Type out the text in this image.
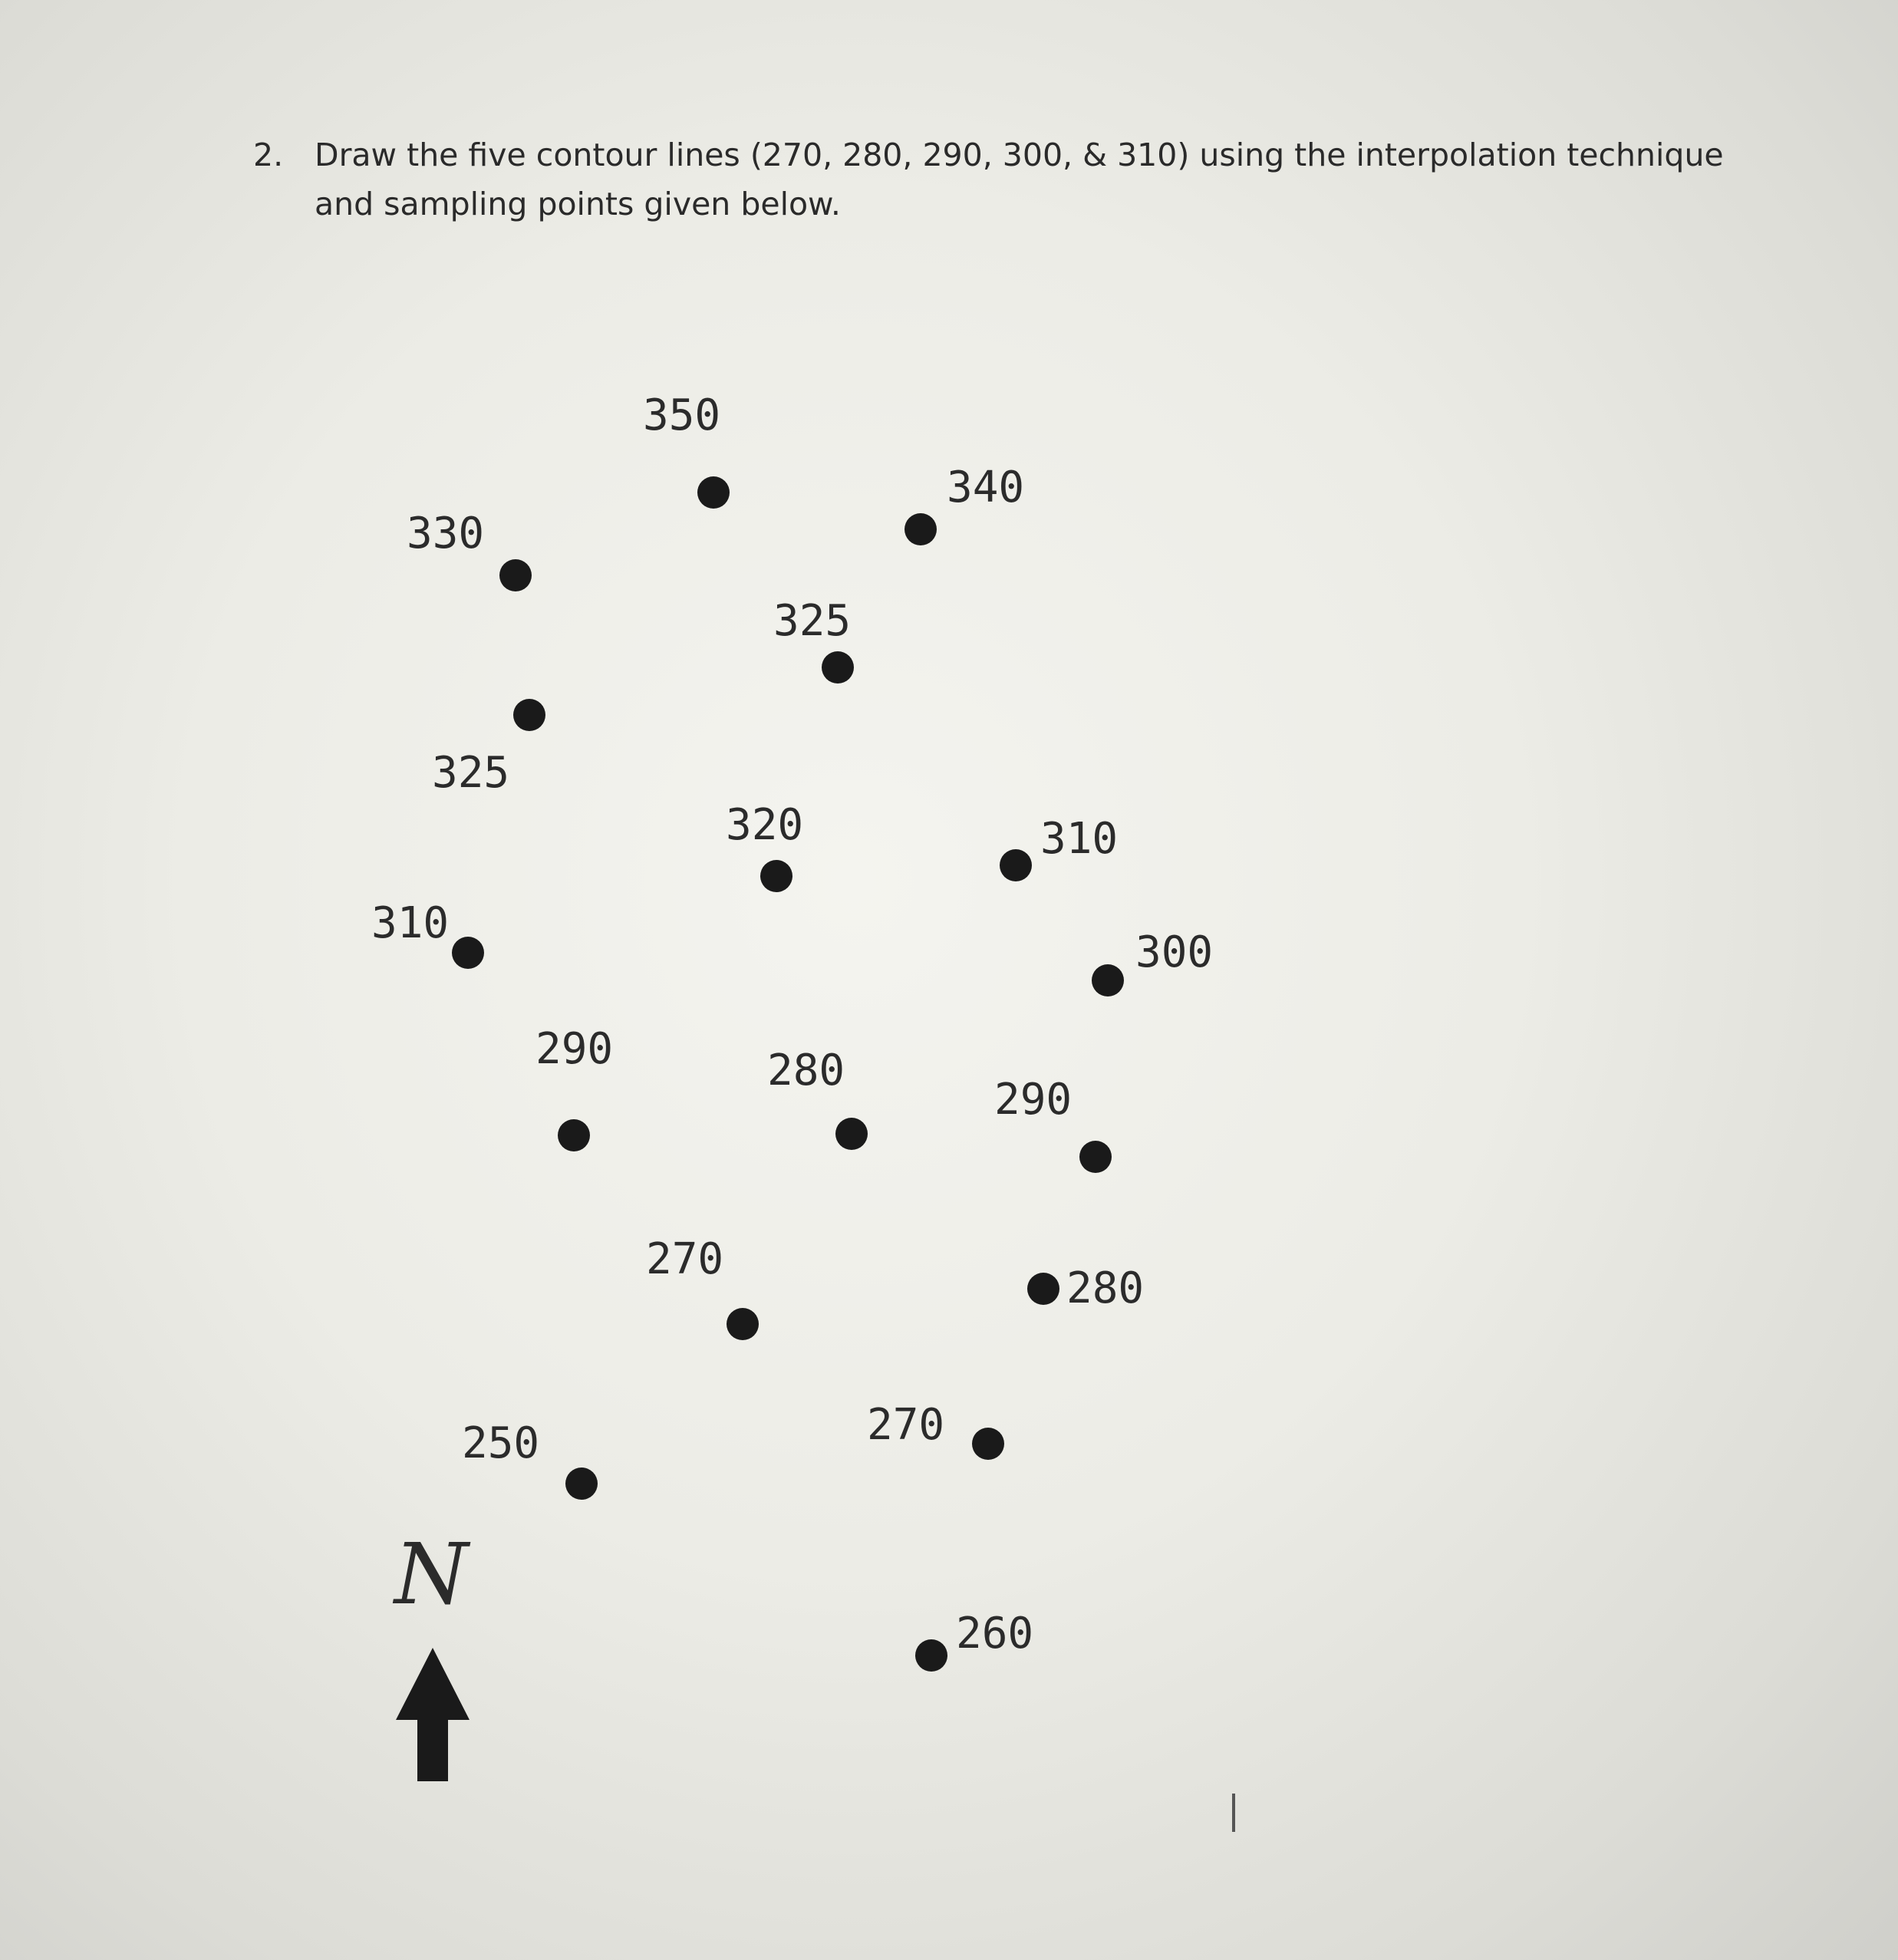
2. Draw the five contour lines (270, 280, 290, 300, & 310) using the interpolation technique and sampling points given below.
350
340
330
325
325
320	310
310
300
290	280
290
270
280
270
250
260
N
